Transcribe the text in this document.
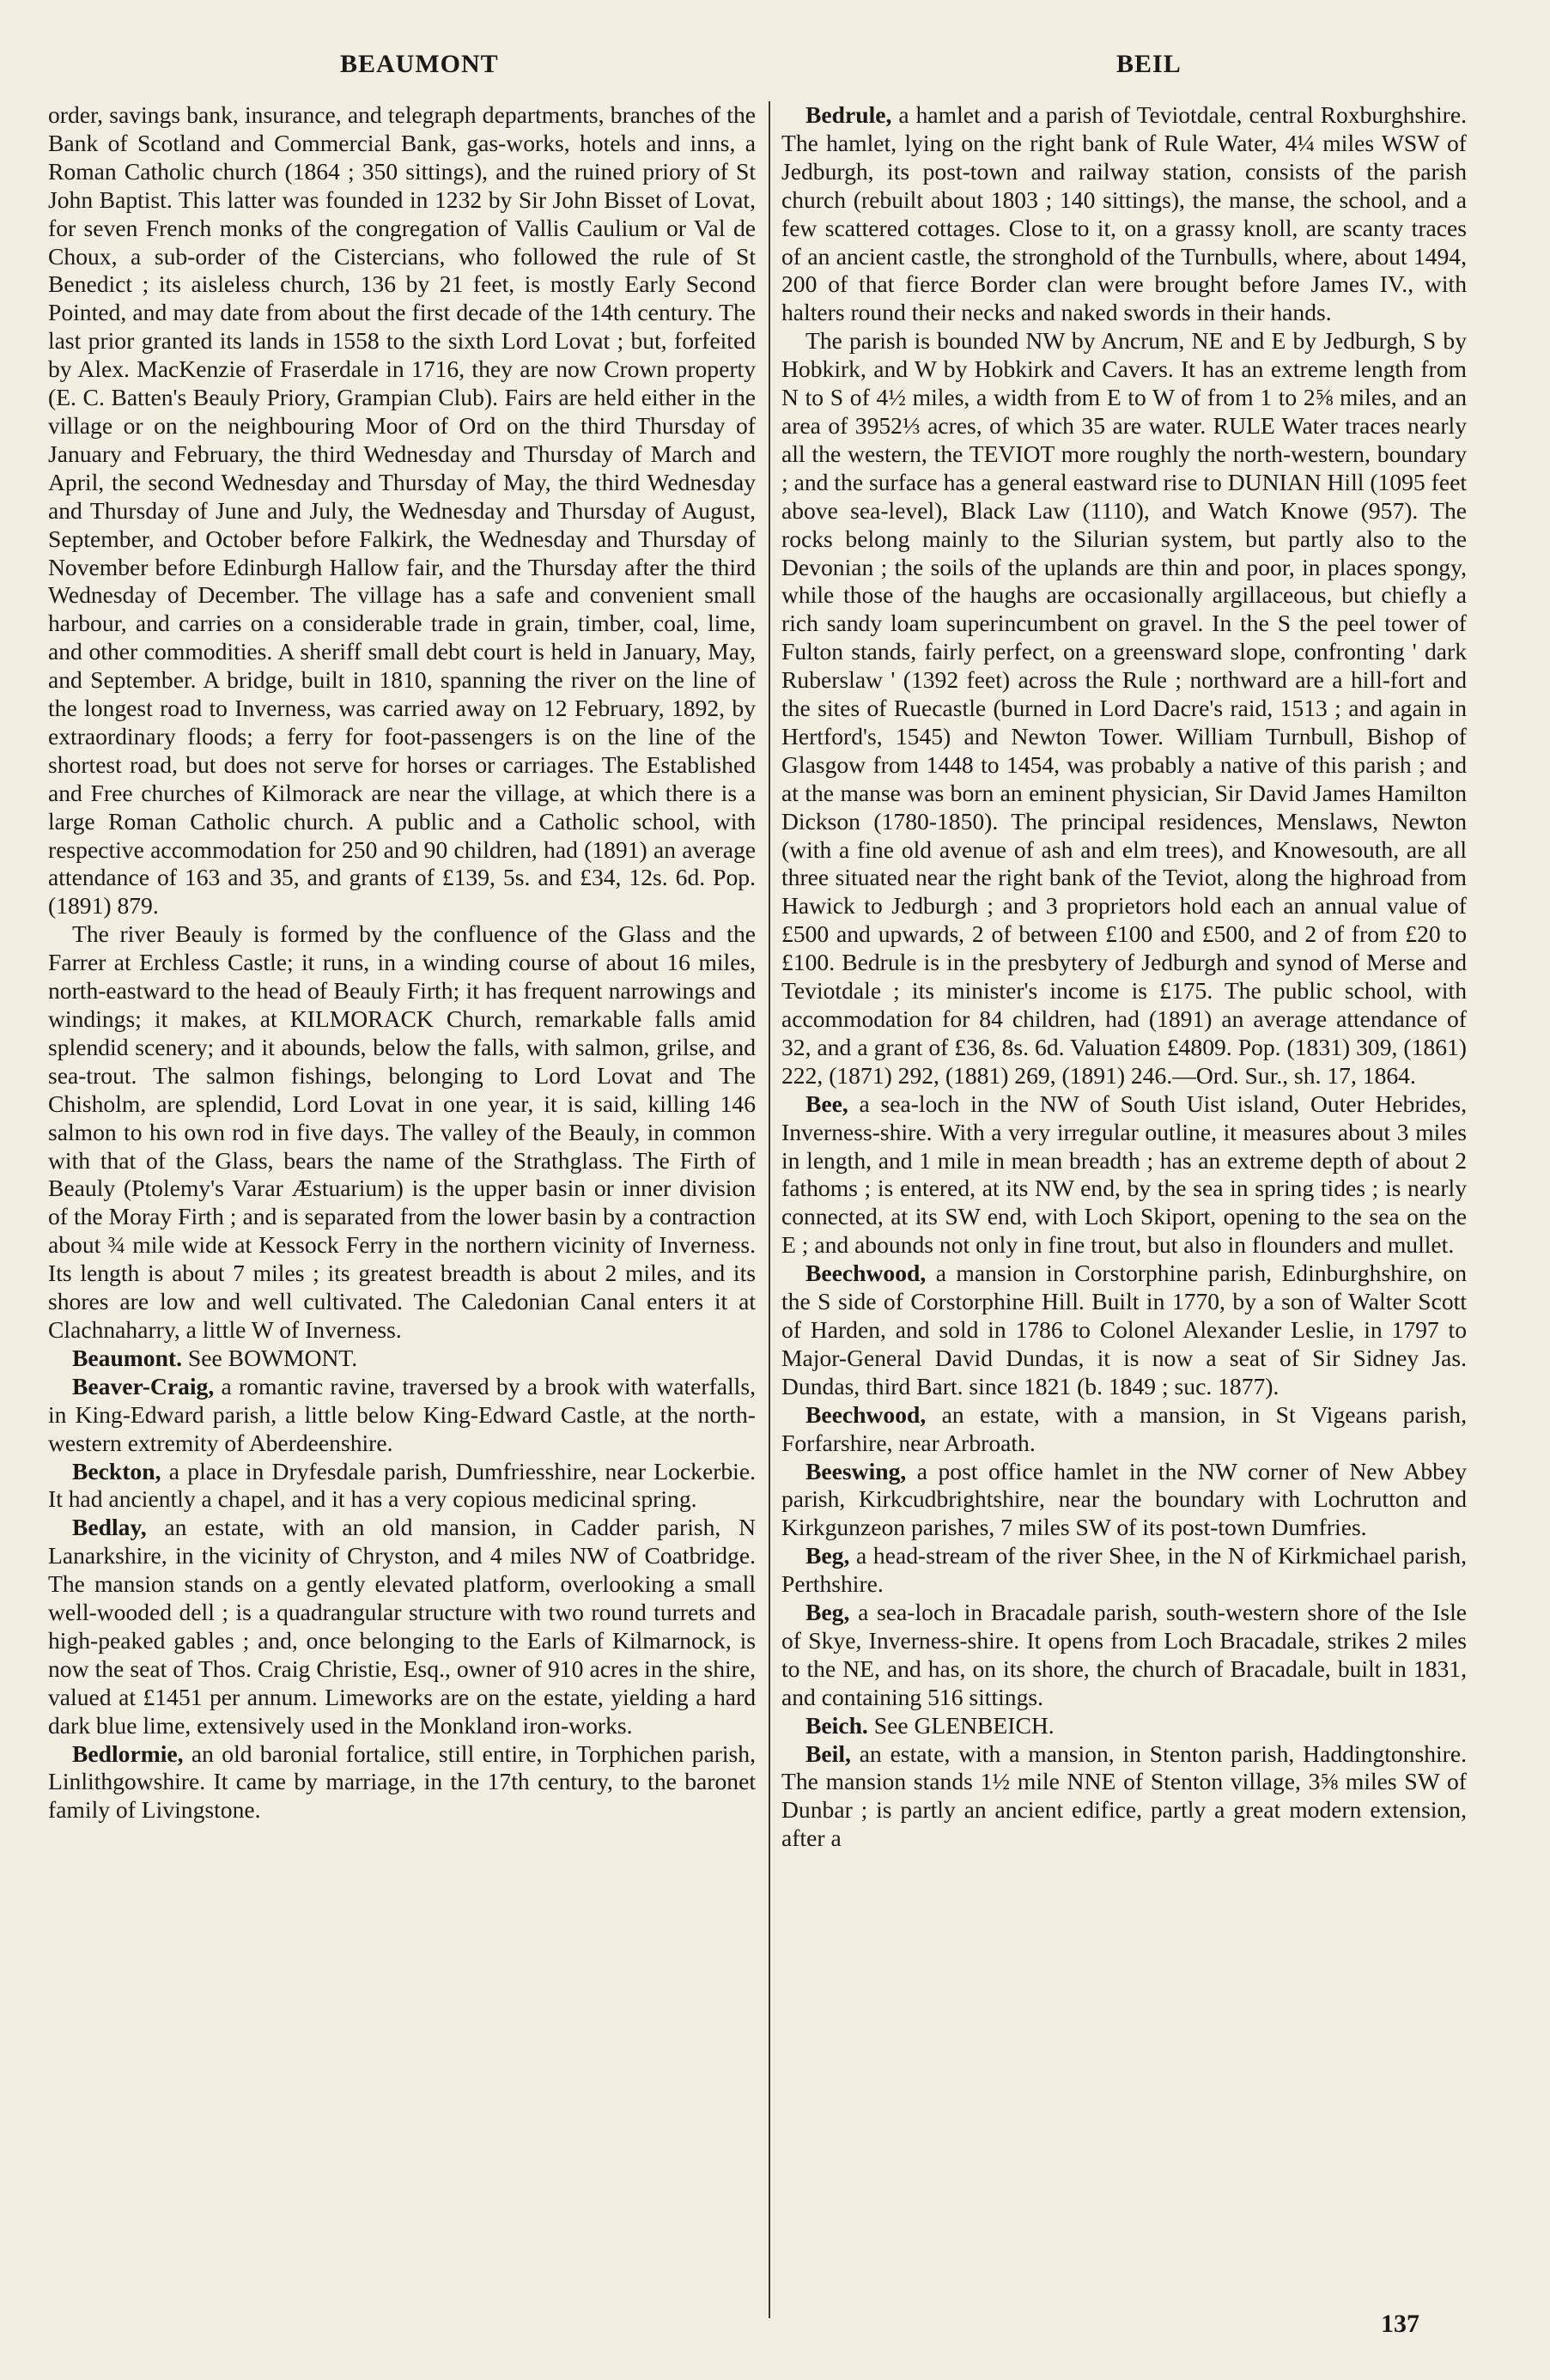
BEAUMONT	BEIL

order, savings bank, insurance, and telegraph departments, branches of the Bank of Scotland and Commercial Bank, gas-works, hotels and inns, a Roman Catholic church (1864 ; 350 sittings), and the ruined priory of St John Baptist. This latter was founded in 1232 by Sir John Bisset of Lovat, for seven French monks of the congregation of Vallis Caulium or Val de Choux, a sub-order of the Cistercians, who followed the rule of St Benedict ; its aisleless church, 136 by 21 feet, is mostly Early Second Pointed, and may date from about the first decade of the 14th century. The last prior granted its lands in 1558 to the sixth Lord Lovat ; but, forfeited by Alex. MacKenzie of Fraserdale in 1716, they are now Crown property (E. C. Batten's Beauly Priory, Grampian Club). Fairs are held either in the village or on the neighbouring Moor of Ord on the third Thursday of January and February, the third Wednesday and Thursday of March and April, the second Wednesday and Thursday of May, the third Wednesday and Thursday of June and July, the Wednesday and Thursday of August, September, and October before Falkirk, the Wednesday and Thursday of November before Edinburgh Hallow fair, and the Thursday after the third Wednesday of December. The village has a safe and convenient small harbour, and carries on a considerable trade in grain, timber, coal, lime, and other commodities. A sheriff small debt court is held in January, May, and September. A bridge, built in 1810, spanning the river on the line of the longest road to Inverness, was carried away on 12 February, 1892, by extraordinary floods; a ferry for foot-passengers is on the line of the shortest road, but does not serve for horses or carriages. The Established and Free churches of Kilmorack are near the village, at which there is a large Roman Catholic church. A public and a Catholic school, with respective accommodation for 250 and 90 children, had (1891) an average attendance of 163 and 35, and grants of £139, 5s. and £34, 12s. 6d. Pop. (1891) 879.

The river Beauly is formed by the confluence of the Glass and the Farrer at Erchless Castle; it runs, in a winding course of about 16 miles, north-eastward to the head of Beauly Firth; it has frequent narrowings and windings; it makes, at KILMORACK Church, remarkable falls amid splendid scenery; and it abounds, below the falls, with salmon, grilse, and sea-trout. The salmon fishings, belonging to Lord Lovat and The Chisholm, are splendid, Lord Lovat in one year, it is said, killing 146 salmon to his own rod in five days. The valley of the Beauly, in common with that of the Glass, bears the name of the Strathglass. The Firth of Beauly (Ptolemy's Varar Æstuarium) is the upper basin or inner division of the Moray Firth ; and is separated from the lower basin by a contraction about ¾ mile wide at Kessock Ferry in the northern vicinity of Inverness. Its length is about 7 miles ; its greatest breadth is about 2 miles, and its shores are low and well cultivated. The Caledonian Canal enters it at Clachnaharry, a little W of Inverness.

Beaumont. See BOWMONT.

Beaver-Craig, a romantic ravine, traversed by a brook with waterfalls, in King-Edward parish, a little below King-Edward Castle, at the north-western extremity of Aberdeenshire.

Beckton, a place in Dryfesdale parish, Dumfriesshire, near Lockerbie. It had anciently a chapel, and it has a very copious medicinal spring.

Bedlay, an estate, with an old mansion, in Cadder parish, N Lanarkshire, in the vicinity of Chryston, and 4 miles NW of Coatbridge. The mansion stands on a gently elevated platform, overlooking a small well-wooded dell ; is a quadrangular structure with two round turrets and high-peaked gables ; and, once belonging to the Earls of Kilmarnock, is now the seat of Thos. Craig Christie, Esq., owner of 910 acres in the shire, valued at £1451 per annum. Limeworks are on the estate, yielding a hard dark blue lime, extensively used in the Monkland iron-works.

Bedlormie, an old baronial fortalice, still entire, in Torphichen parish, Linlithgowshire. It came by marriage, in the 17th century, to the baronet family of Livingstone.

Bedrule, a hamlet and a parish of Teviotdale, central Roxburghshire. The hamlet, lying on the right bank of Rule Water, 4¼ miles WSW of Jedburgh, its post-town and railway station, consists of the parish church (rebuilt about 1803 ; 140 sittings), the manse, the school, and a few scattered cottages. Close to it, on a grassy knoll, are scanty traces of an ancient castle, the stronghold of the Turnbulls, where, about 1494, 200 of that fierce Border clan were brought before James IV., with halters round their necks and naked swords in their hands.

The parish is bounded NW by Ancrum, NE and E by Jedburgh, S by Hobkirk, and W by Hobkirk and Cavers. It has an extreme length from N to S of 4½ miles, a width from E to W of from 1 to 2⅝ miles, and an area of 3952⅓ acres, of which 35 are water. RULE Water traces nearly all the western, the TEVIOT more roughly the north-western, boundary ; and the surface has a general eastward rise to DUNIAN Hill (1095 feet above sea-level), Black Law (1110), and Watch Knowe (957). The rocks belong mainly to the Silurian system, but partly also to the Devonian ; the soils of the uplands are thin and poor, in places spongy, while those of the haughs are occasionally argillaceous, but chiefly a rich sandy loam superincumbent on gravel. In the S the peel tower of Fulton stands, fairly perfect, on a greensward slope, confronting ' dark Ruberslaw ' (1392 feet) across the Rule ; northward are a hill-fort and the sites of Ruecastle (burned in Lord Dacre's raid, 1513 ; and again in Hertford's, 1545) and Newton Tower. William Turnbull, Bishop of Glasgow from 1448 to 1454, was probably a native of this parish ; and at the manse was born an eminent physician, Sir David James Hamilton Dickson (1780-1850). The principal residences, Menslaws, Newton (with a fine old avenue of ash and elm trees), and Knowesouth, are all three situated near the right bank of the Teviot, along the highroad from Hawick to Jedburgh ; and 3 proprietors hold each an annual value of £500 and upwards, 2 of between £100 and £500, and 2 of from £20 to £100. Bedrule is in the presbytery of Jedburgh and synod of Merse and Teviotdale ; its minister's income is £175. The public school, with accommodation for 84 children, had (1891) an average attendance of 32, and a grant of £36, 8s. 6d. Valuation £4809. Pop. (1831) 309, (1861) 222, (1871) 292, (1881) 269, (1891) 246.—Ord. Sur., sh. 17, 1864.

Bee, a sea-loch in the NW of South Uist island, Outer Hebrides, Inverness-shire. With a very irregular outline, it measures about 3 miles in length, and 1 mile in mean breadth ; has an extreme depth of about 2 fathoms ; is entered, at its NW end, by the sea in spring tides ; is nearly connected, at its SW end, with Loch Skiport, opening to the sea on the E ; and abounds not only in fine trout, but also in flounders and mullet.

Beechwood, a mansion in Corstorphine parish, Edinburghshire, on the S side of Corstorphine Hill. Built in 1770, by a son of Walter Scott of Harden, and sold in 1786 to Colonel Alexander Leslie, in 1797 to Major-General David Dundas, it is now a seat of Sir Sidney Jas. Dundas, third Bart. since 1821 (b. 1849 ; suc. 1877).

Beechwood, an estate, with a mansion, in St Vigeans parish, Forfarshire, near Arbroath.

Beeswing, a post office hamlet in the NW corner of New Abbey parish, Kirkcudbrightshire, near the boundary with Lochrutton and Kirkgunzeon parishes, 7 miles SW of its post-town Dumfries.

Beg, a head-stream of the river Shee, in the N of Kirkmichael parish, Perthshire.

Beg, a sea-loch in Bracadale parish, south-western shore of the Isle of Skye, Inverness-shire. It opens from Loch Bracadale, strikes 2 miles to the NE, and has, on its shore, the church of Bracadale, built in 1831, and containing 516 sittings.

Beich. See GLENBEICH.

Beil, an estate, with a mansion, in Stenton parish, Haddingtonshire. The mansion stands 1½ mile NNE of Stenton village, 3⅝ miles SW of Dunbar ; is partly an ancient edifice, partly a great modern extension, after a

137
